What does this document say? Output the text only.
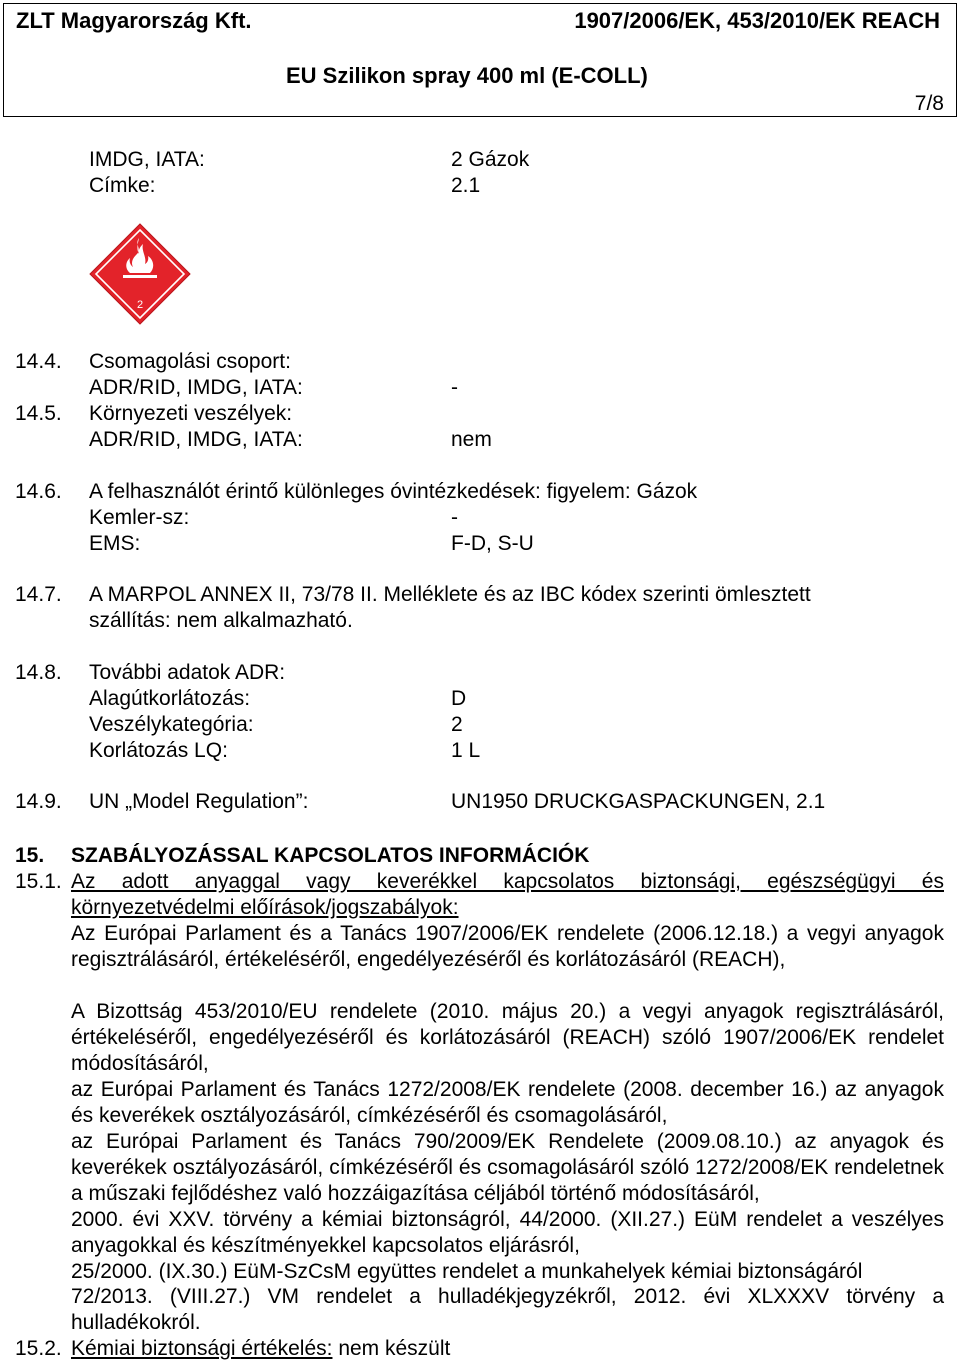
ZLT Magyarország Kft.	1907/2006/EK, 453/2010/EK REACH
EU Szilikon spray 400 ml (E-COLL)
7/8
IMDG, IATA:	2 Gázok
Címke:	2.1
2
14.4. Csomagolási csoport:
ADR/RID, IMDG, IATA:	-
14.5. Környezeti veszélyek:
ADR/RID, IMDG, IATA:	nem
14.6. A felhasználót érintő különleges óvintézkedések: figyelem: Gázok
Kemler-sz:	-
EMS:	F-D, S-U
14.7. A MARPOL ANNEX II, 73/78 II. Melléklete és az IBC kódex szerinti ömlesztett
szállítás: nem alkalmazható.
14.8. További adatok ADR:
Alagútkorlátozás:	D
Veszélykategória:	2
Korlátozás LQ:	1 L
14.9. UN „Model Regulation”:	UN1950 DRUCKGASPACKUNGEN, 2.1
15. SZABÁLYOZÁSSAL KAPCSOLATOS INFORMÁCIÓK
15.1. Az adott anyaggal vagy keverékkel kapcsolatos biztonsági, egészségügyi és környezetvédelmi előírások/jogszabályok:
Az Európai Parlament és a Tanács 1907/2006/EK rendelete (2006.12.18.) a vegyi anyagok regisztrálásáról, értékeléséről, engedélyezéséről és korlátozásáról (REACH),
A Bizottság 453/2010/EU rendelete (2010. május 20.) a vegyi anyagok regisztrálásáról, értékeléséről, engedélyezéséről és korlátozásáról (REACH) szóló 1907/2006/EK rendelet módosításáról,
az Európai Parlament és Tanács 1272/2008/EK rendelete (2008. december 16.) az anyagok és keverékek osztályozásáról, címkézéséről és csomagolásáról,
az Európai Parlament és Tanács 790/2009/EK Rendelete (2009.08.10.) az anyagok és keverékek osztályozásáról, címkézéséről és csomagolásáról szóló 1272/2008/EK rendeletnek a műszaki fejlődéshez való hozzáigazítása céljából történő módosításáról,
2000. évi XXV. törvény a kémiai biztonságról, 44/2000. (XII.27.) EüM rendelet a veszélyes anyagokkal és készítményekkel kapcsolatos eljárásról,
25/2000. (IX.30.) EüM-SzCsM együttes rendelet a munkahelyek kémiai biztonságáról
72/2013. (VIII.27.) VM rendelet a hulladékjegyzékről, 2012. évi XLXXXV törvény a hulladékokról.
15.2. Kémiai biztonsági értékelés: nem készült
